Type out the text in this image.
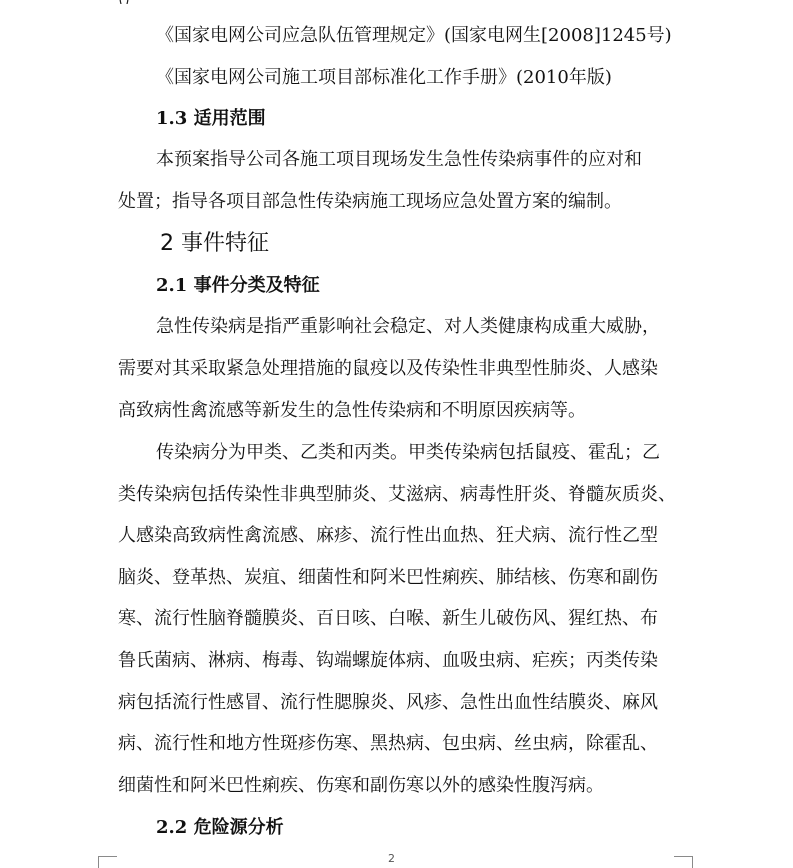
《国家电网公司应急队伍管理规定》(国家电网生[2008]1245号)

《国家电网公司施工项目部标准化工作手册》(2010年版)

1.3 适用范围

本预案指导公司各施工项目现场发生急性传染病事件的应对和

处置；指导各项目部急性传染病施工现场应急处置方案的编制。

2 事件特征

2.1 事件分类及特征

急性传染病是指严重影响社会稳定、对人类健康构成重大威胁，

需要对其采取紧急处理措施的鼠疫以及传染性非典型性肺炎、人感染

高致病性禽流感等新发生的急性传染病和不明原因疾病等。

传染病分为甲类、乙类和丙类。甲类传染病包括鼠疫、霍乱；乙

类传染病包括传染性非典型肺炎、艾滋病、病毒性肝炎、脊髓灰质炎、

人感染高致病性禽流感、麻疹、流行性出血热、狂犬病、流行性乙型

脑炎、登革热、炭疽、细菌性和阿米巴性痢疾、肺结核、伤寒和副伤

寒、流行性脑脊髓膜炎、百日咳、白喉、新生儿破伤风、猩红热、布

鲁氏菌病、淋病、梅毒、钩端螺旋体病、血吸虫病、疟疾；丙类传染

病包括流行性感冒、流行性腮腺炎、风疹、急性出血性结膜炎、麻风

病、流行性和地方性斑疹伤寒、黑热病、包虫病、丝虫病，除霍乱、

细菌性和阿米巴性痢疾、伤寒和副伤寒以外的感染性腹泻病。

2.2 危险源分析

2
